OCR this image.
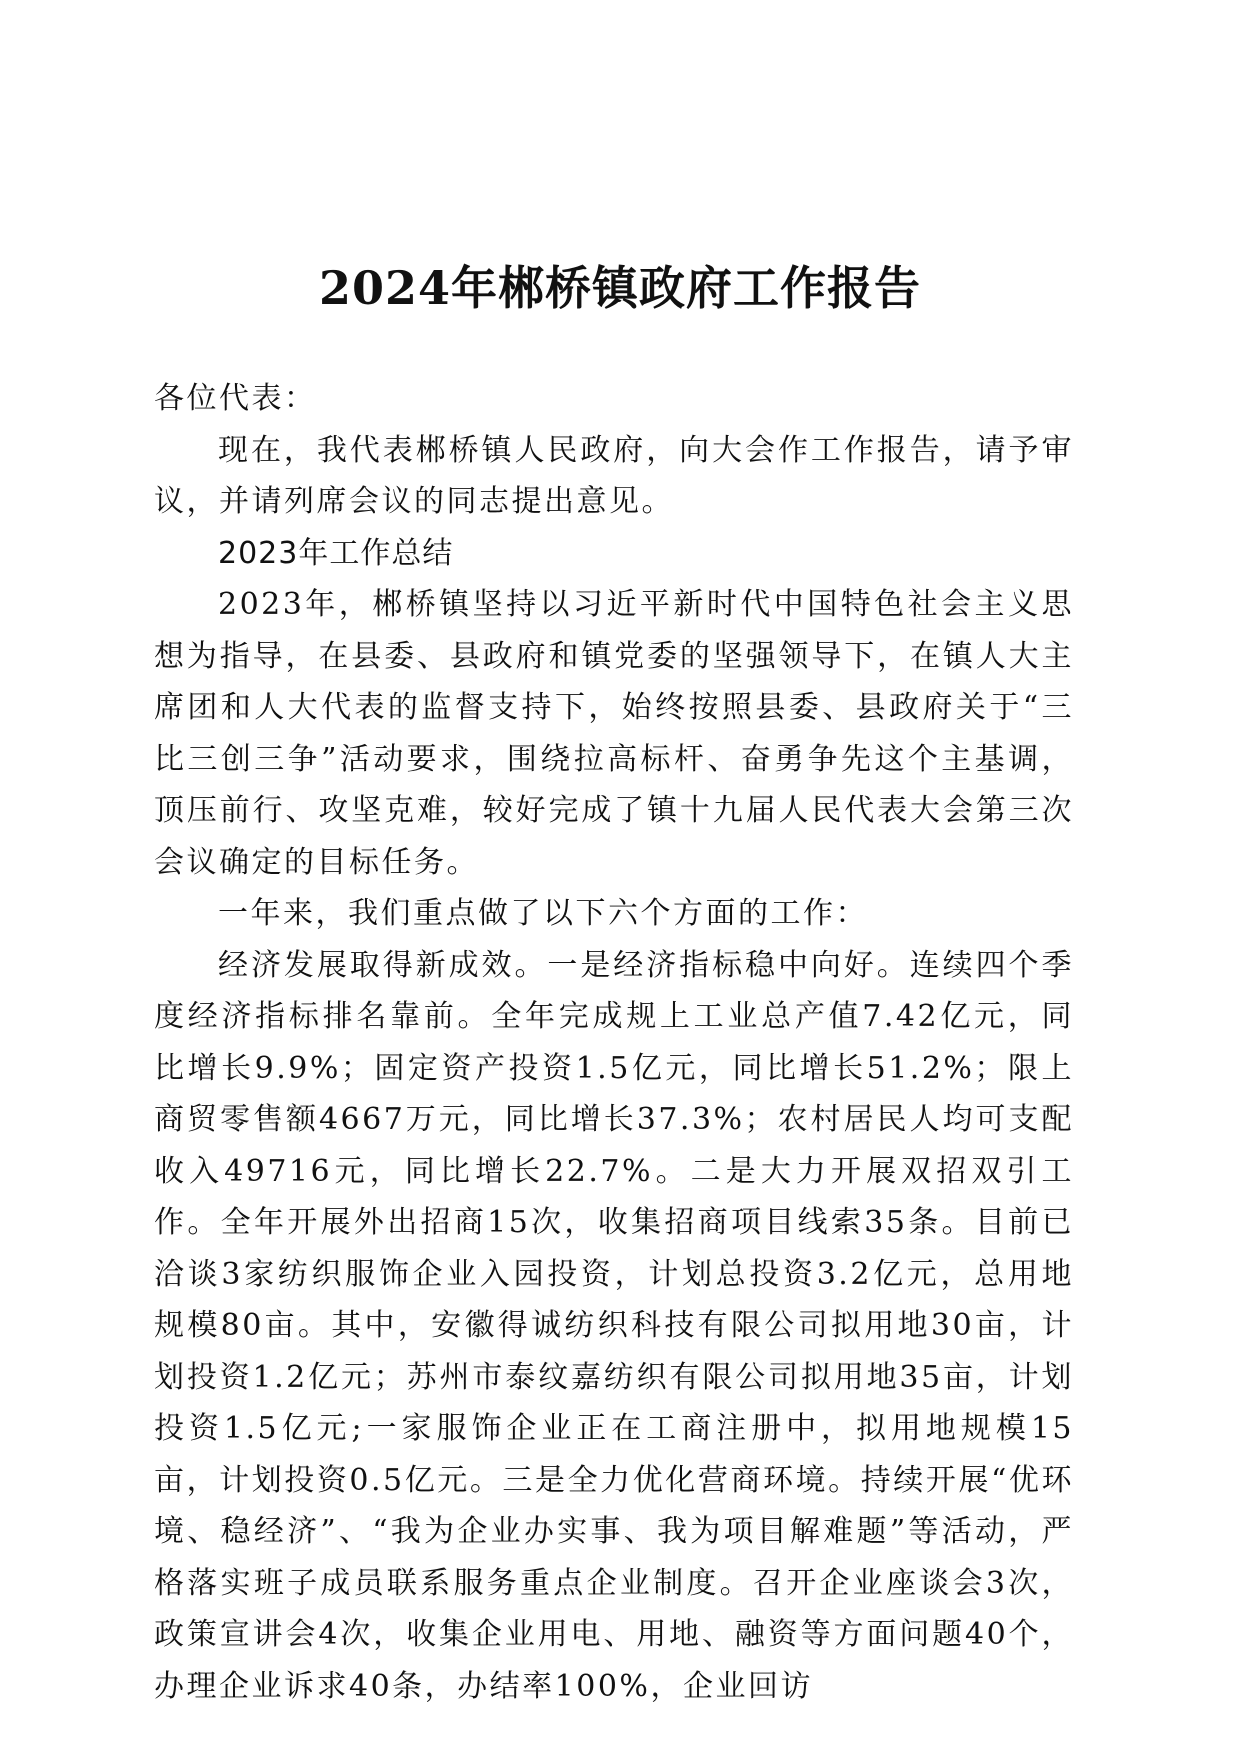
2024年郴桥镇政府工作报告

各位代表：

现在，我代表郴桥镇人民政府，向大会作工作报告，请予审议，并请列席会议的同志提出意见。

2023年工作总结

2023年，郴桥镇坚持以习近平新时代中国特色社会主义思想为指导，在县委、县政府和镇党委的坚强领导下，在镇人大主席团和人大代表的监督支持下，始终按照县委、县政府关于“三比三创三争”活动要求，围绕拉高标杆、奋勇争先这个主基调，顶压前行、攻坚克难，较好完成了镇十九届人民代表大会第三次会议确定的目标任务。

一年来，我们重点做了以下六个方面的工作：

经济发展取得新成效。一是经济指标稳中向好。连续四个季度经济指标排名靠前。全年完成规上工业总产值7.42亿元，同比增长9.9%；固定资产投资1.5亿元，同比增长51.2%；限上商贸零售额4667万元，同比增长37.3%；农村居民人均可支配收入49716元，同比增长22.7%。二是大力开展双招双引工作。全年开展外出招商15次，收集招商项目线索35条。目前已洽谈3家纺织服饰企业入园投资，计划总投资3.2亿元，总用地规模80亩。其中，安徽得诚纺织科技有限公司拟用地30亩，计划投资1.2亿元；苏州市泰纹嘉纺织有限公司拟用地35亩，计划投资1.5亿元;一家服饰企业正在工商注册中，拟用地规模15亩，计划投资0.5亿元。三是全力优化营商环境。持续开展“优环境、稳经济”、“我为企业办实事、我为项目解难题”等活动，严格落实班子成员联系服务重点企业制度。召开企业座谈会3次，政策宣讲会4次，收集企业用电、用地、融资等方面问题40个，办理企业诉求40条，办结率100%，企业回访
